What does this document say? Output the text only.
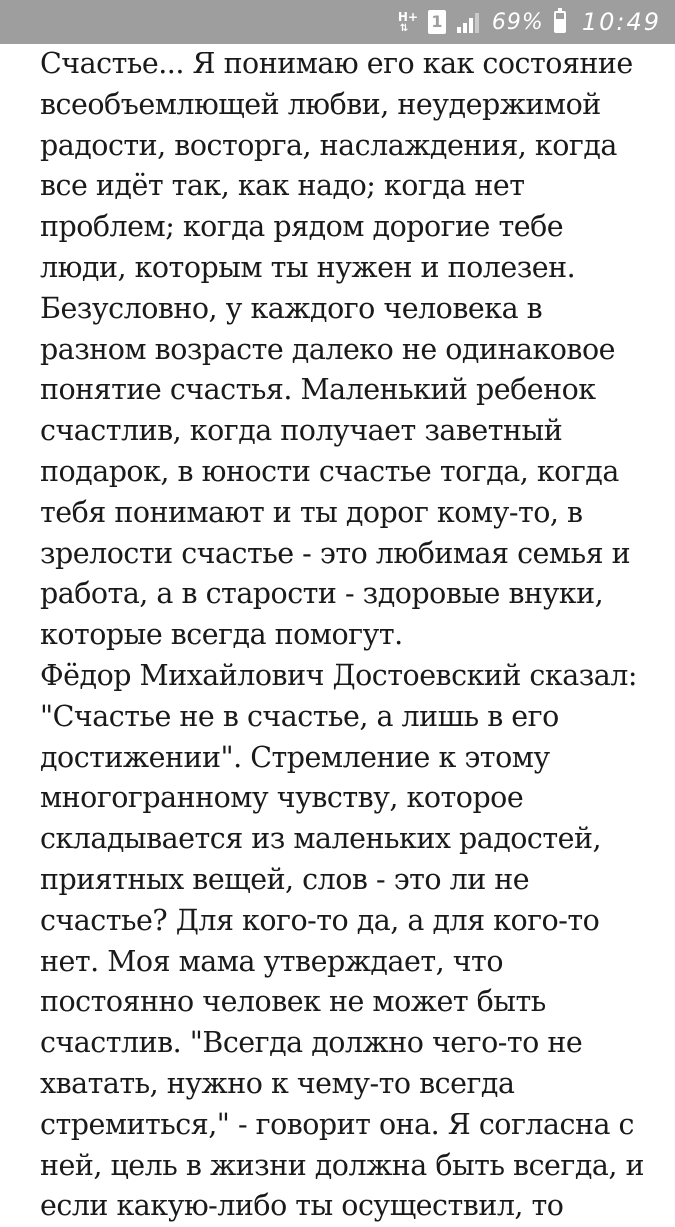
H+
⇅ 1 69% 10:49

Счастье... Я понимаю его как состояние
всеобъемлющей любви, неудержимой
радости, восторга, наслаждения, когда
все идёт так, как надо; когда нет
проблем; когда рядом дорогие тебе
люди, которым ты нужен и полезен.
Безусловно, у каждого человека в
разном возрасте далеко не одинаковое
понятие счастья. Маленький ребенок
счастлив, когда получает заветный
подарок, в юности счастье тогда, когда
тебя понимают и ты дорог кому-то, в
зрелости счастье - это любимая семья и
работа, а в старости - здоровые внуки,
которые всегда помогут.
Фёдор Михайлович Достоевский сказал:
"Счастье не в счастье, а лишь в его
достижении". Стремление к этому
многогранному чувству, которое
складывается из маленьких радостей,
приятных вещей, слов - это ли не
счастье? Для кого-то да, а для кого-то
нет. Моя мама утверждает, что
постоянно человек не может быть
счастлив. "Всегда должно чего-то не
хватать, нужно к чему-то всегда
стремиться," - говорит она. Я согласна с
ней, цель в жизни должна быть всегда, и
если какую-либо ты осуществил, то
